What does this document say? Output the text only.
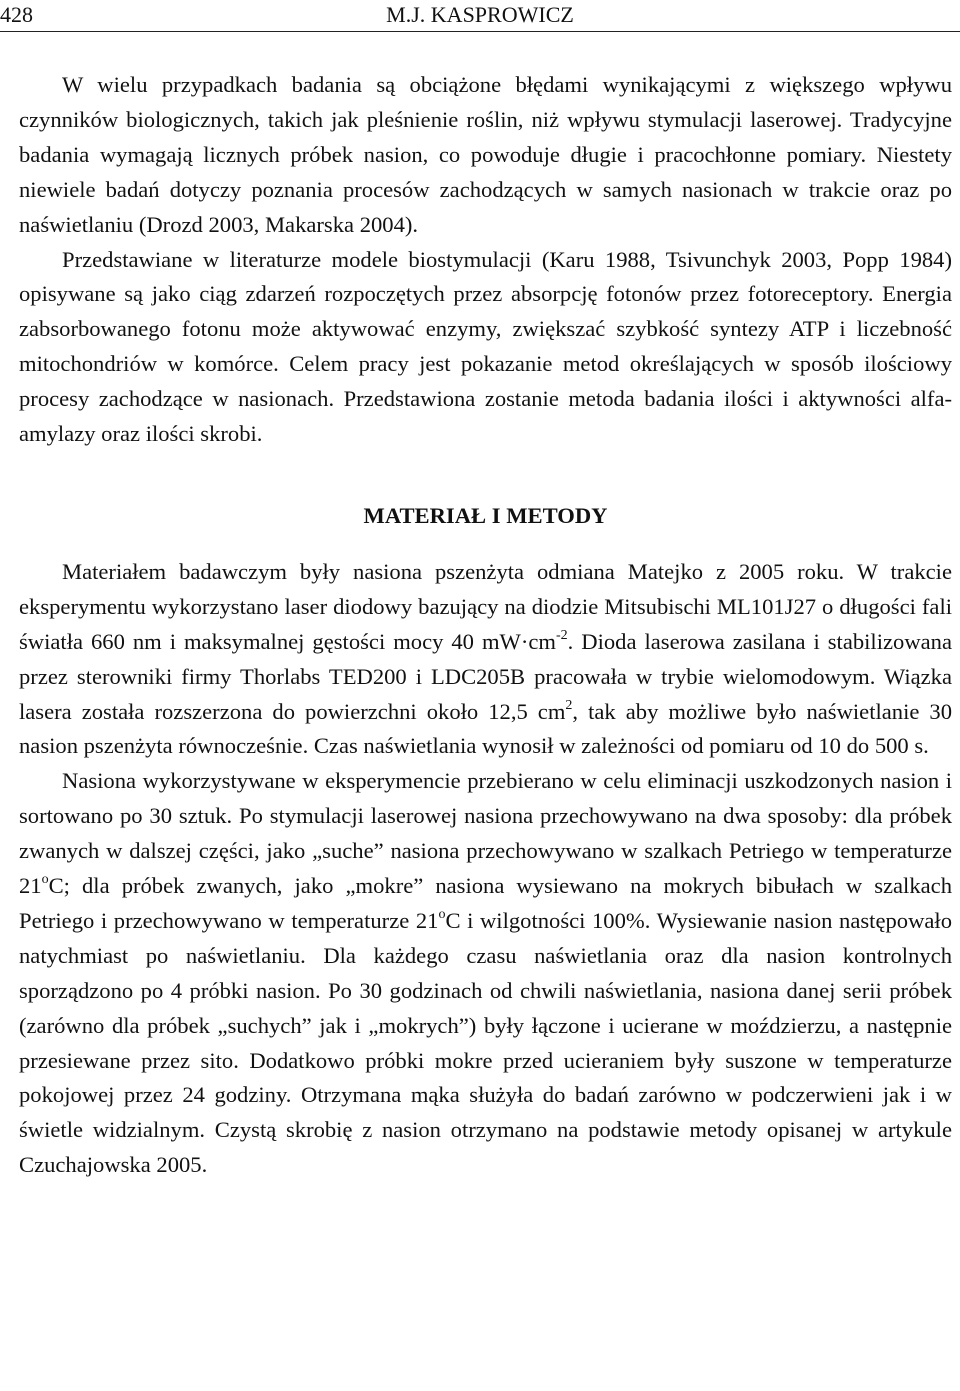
428	M.J. KASPROWICZ

W wielu przypadkach badania są obciążone błędami wynikającymi z większego wpływu czynników biologicznych, takich jak pleśnienie roślin, niż wpływu stymulacji laserowej. Tradycyjne badania wymagają licznych próbek nasion, co powoduje długie i pracochłonne pomiary. Niestety niewiele badań dotyczy poznania procesów zachodzących w samych nasionach w trakcie oraz po naświetlaniu (Drozd 2003, Makarska 2004).

Przedstawiane w literaturze modele biostymulacji (Karu 1988, Tsivunchyk 2003, Popp 1984) opisywane są jako ciąg zdarzeń rozpoczętych przez absorpcję fotonów przez fotoreceptory. Energia zabsorbowanego fotonu może aktywować enzymy, zwiększać szybkość syntezy ATP i liczebność mitochondriów w komórce. Celem pracy jest pokazanie metod określających w sposób ilościowy procesy zachodzące w nasionach. Przedstawiona zostanie metoda badania ilości i aktywności alfa-amylazy oraz ilości skrobi.

MATERIAŁ I METODY

Materiałem badawczym były nasiona pszenżyta odmiana Matejko z 2005 roku. W trakcie eksperymentu wykorzystano laser diodowy bazujący na diodzie Mitsubischi ML101J27 o długości fali światła 660 nm i maksymalnej gęstości mocy 40 $mW\cdot cm^{-2}$. Dioda laserowa zasilana i stabilizowana przez sterowniki firmy Thorlabs TED200 i LDC205B pracowała w trybie wielomodowym. Wiązka lasera została rozszerzona do powierzchni około 12,5 $cm^2$, tak aby możliwe było naświetlanie 30 nasion pszenżyta równocześnie. Czas naświetlania wynosił w zależności od pomiaru od 10 do 500 s.

Nasiona wykorzystywane w eksperymencie przebierano w celu eliminacji uszkodzonych nasion i sortowano po 30 sztuk. Po stymulacji laserowej nasiona przechowywano na dwa sposoby: dla próbek zwanych w dalszej części, jako „suche” nasiona przechowywano w szalkach Petriego w temperaturze 21$^o$C; dla próbek zwanych, jako „mokre” nasiona wysiewano na mokrych bibułach w szalkach Petriego i przechowywano w temperaturze 21$^o$C i wilgotności 100%. Wysiewanie nasion następowało natychmiast po naświetlaniu. Dla każdego czasu naświetlania oraz dla nasion kontrolnych sporządzono po 4 próbki nasion. Po 30 godzinach od chwili naświetlania, nasiona danej serii próbek (zarówno dla próbek „suchych” jak i „mokrych”) były łączone i ucierane w moździerzu, a następnie przesiewane przez sito. Dodatkowo próbki mokre przed ucieraniem były suszone w temperaturze pokojowej przez 24 godziny. Otrzymana mąka służyła do badań zarówno w podczerwieni jak i w świetle widzialnym. Czystą skrobię z nasion otrzymano na podstawie metody opisanej w artykule Czuchajowska 2005.
